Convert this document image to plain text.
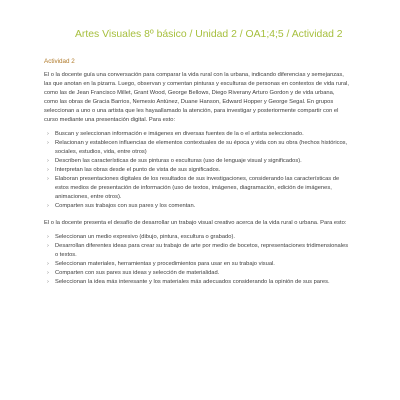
Artes Visuales 8º básico / Unidad 2 / OA1;4;5 / Actividad 2
Actividad 2

El o la docente guía una conversación para comparar la vida rural con la urbana, indicando diferencias y semejanzas, las que anotan en la pizarra. Luego, observan y comentan pinturas y esculturas de personas en contextos de vida rural, como las de Jean Francisco Millet, Grant Wood, George Bellows, Diego Riverany Arturo Gordon y de vida urbana, como las obras de Gracia Barrios, Nemesio Antúnez, Duane Hanson, Edward Hopper y George Segal. En grupos seleccionan a uno o una artista que les hayaallamado la atención, para investigar y posteriormente compartir con el curso mediante una presentación digital. Para esto:

› Buscan y seleccionan información e imágenes en diversas fuentes de la o el artista seleccionado.
› Relacionan y establecen influencias de elementos contextuales de su época y vida con su obra (hechos históricos, sociales, estudios, vida, entre otros)
› Describen las características de sus pinturas o esculturas (uso de lenguaje visual y significados).
› Interpretan las obras desde el punto de vista de sus significados.
› Elaboran presentaciones digitales de los resultados de sus investigaciones, considerando las características de estos medios de presentación de información (uso de textos, imágenes, diagramación, edición de imágenes, animaciones, entre otros).
› Comparten sus trabajos con sus pares y los comentan.

El o la docente presenta el desafío de desarrollar un trabajo visual creativo acerca de la vida rural o urbana. Para esto:

› Seleccionan un medio expresivo (dibujo, pintura, escultura o grabado).
› Desarrollan diferentes ideas para crear su trabajo de arte por medio de bocetos, representaciones tridimensionales o textos.
› Seleccionan materiales, herramientas y procedimientos para usar en su trabajo visual.
› Comparten con sus pares sus ideas y selección de materialidad.
› Seleccionan la idea más interesante y los materiales más adecuados considerando la opinión de sus pares.
